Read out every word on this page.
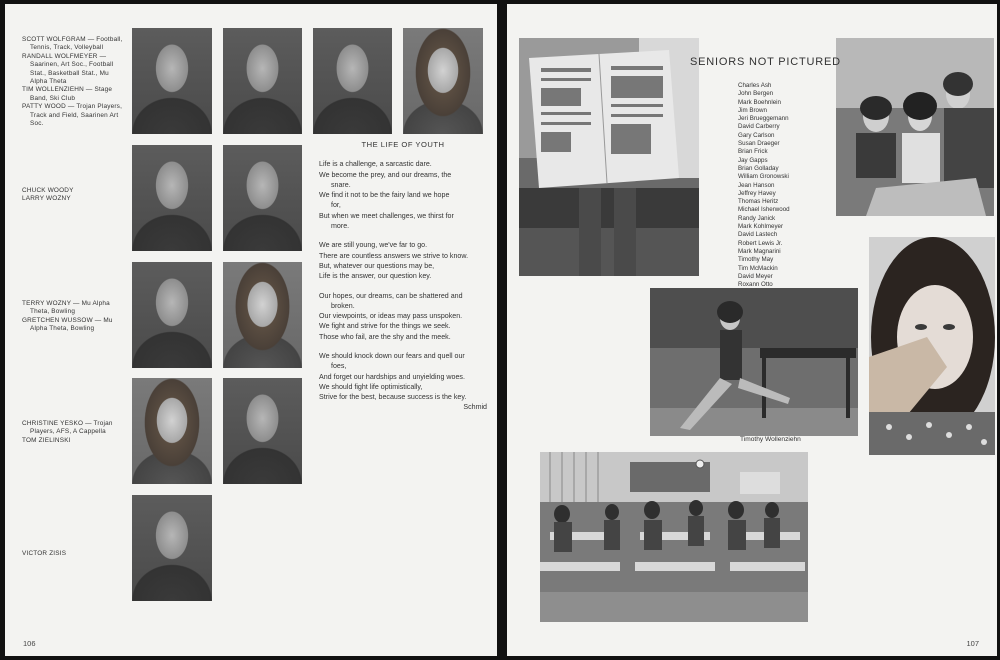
SCOTT WOLFGRAM — Football,
Tennis, Track, Volleyball
RANDALL WOLFMEYER —
Saarinen, Art Soc., Football
Stat., Basketball Stat., Mu
Alpha Theta
TIM WOLLENZIEHN — Stage
Band, Ski Club
PATTY WOOD — Trojan Players,
Track and Field, Saarinen Art
Soc.
CHUCK WOODY
LARRY WOZNY
TERRY WOZNY — Mu Alpha
Theta, Bowling
GRETCHEN WUSSOW — Mu
Alpha Theta, Bowling
CHRISTINE YESKO — Trojan
Players, AFS, A Cappella
TOM ZIELINSKI
VICTOR ZISIS
106
THE LIFE OF YOUTH
Life is a challenge, a sarcastic dare.
We become the prey, and our dreams, the
snare.
We find it not to be the fairy land we hope
for,
But when we meet challenges, we thirst for
more.
We are still young, we've far to go.
There are countless answers we strive to know.
But, whatever our questions may be,
Life is the answer, our question key.
Our hopes, our dreams, can be shattered and
broken.
Our viewpoints, or ideas may pass unspoken.
We fight and strive for the things we seek.
Those who fail, are the shy and the meek.
We should knock down our fears and quell our
foes,
And forget our hardships and unyielding woes.
We should fight life optimistically,
Strive for the best, because success is the key.
Schmid
107
SENIORS NOT PICTURED
Charles Ash
John Bergen
Mark Boehnlein
Jim Brown
Jeri Brueggemann
David Carberry
Gary Carlson
Susan Draeger
Brian Frick
Jay Gapps
Brian Golladay
William Gronowski
Jean Hanson
Jeffrey Havey
Thomas Heritz
Michael Isherwood
Randy Janick
Mark Kohlmeyer
David Lastech
Robert Lewis Jr.
Mark Magnarini
Timothy May
Tim McMackin
David Meyer
Roxann Otto
Timothy Wollenziehn
